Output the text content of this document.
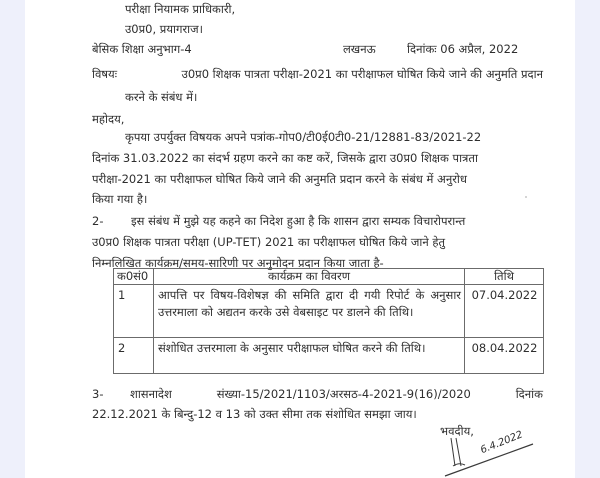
परीक्षा नियामक प्राधिकारी,
उ0प्र0, प्रयागराज।
बेसिक शिक्षा अनुभाग-4	लखनऊ	दिनांकः 06 अप्रैल, 2022
विषयः	उ0प्र0 शिक्षक पात्रता परीक्षा-2021 का परीक्षाफल घोषित किये जाने की अनुमति प्रदान
करने के संबंध में।
महोदय,
कृपया उपर्युक्त विषयक अपने पत्रांक-गोप0/टी0ई0टी0-21/12881-83/2021-22
दिनांक 31.03.2022 का संदर्भ ग्रहण करने का कष्ट करें, जिसके द्वारा उ0प्र0 शिक्षक पात्रता
परीक्षा-2021 का परीक्षाफल घोषित किये जाने की अनुमति प्रदान करने के संबंध में अनुरोध
किया गया है।
2- इस संबंध में मुझे यह कहने का निदेश हुआ है कि शासन द्वारा सम्यक विचारोपरान्त
उ0प्र0 शिक्षक पात्रता परीक्षा (UP-TET) 2021 का परीक्षाफल घोषित किये जाने हेतु
निम्नलिखित कार्यक्रम/समय-सारिणी पर अनुमोदन प्रदान किया जाता है-
क0सं0	कार्यक्रम का विवरण	तिथि
1	आपत्ति पर विषय-विशेषज्ञ की समिति द्वारा दी गयी रिपोर्ट के अनुसार उत्तरमाला को अद्यतन करके उसे वेबसाइट पर डालने की तिथि।	07.04.2022
2	संशोधित उत्तरमाला के अनुसार परीक्षाफल घोषित करने की तिथि।	08.04.2022
3- शासनादेश	संख्या-15/2021/1103/अरसठ-4-2021-9(16)/2020	दिनांक
22.12.2021 के बिन्दु-12 व 13 को उक्त सीमा तक संशोधित समझा जाय।
भवदीय, 6.4.2022
